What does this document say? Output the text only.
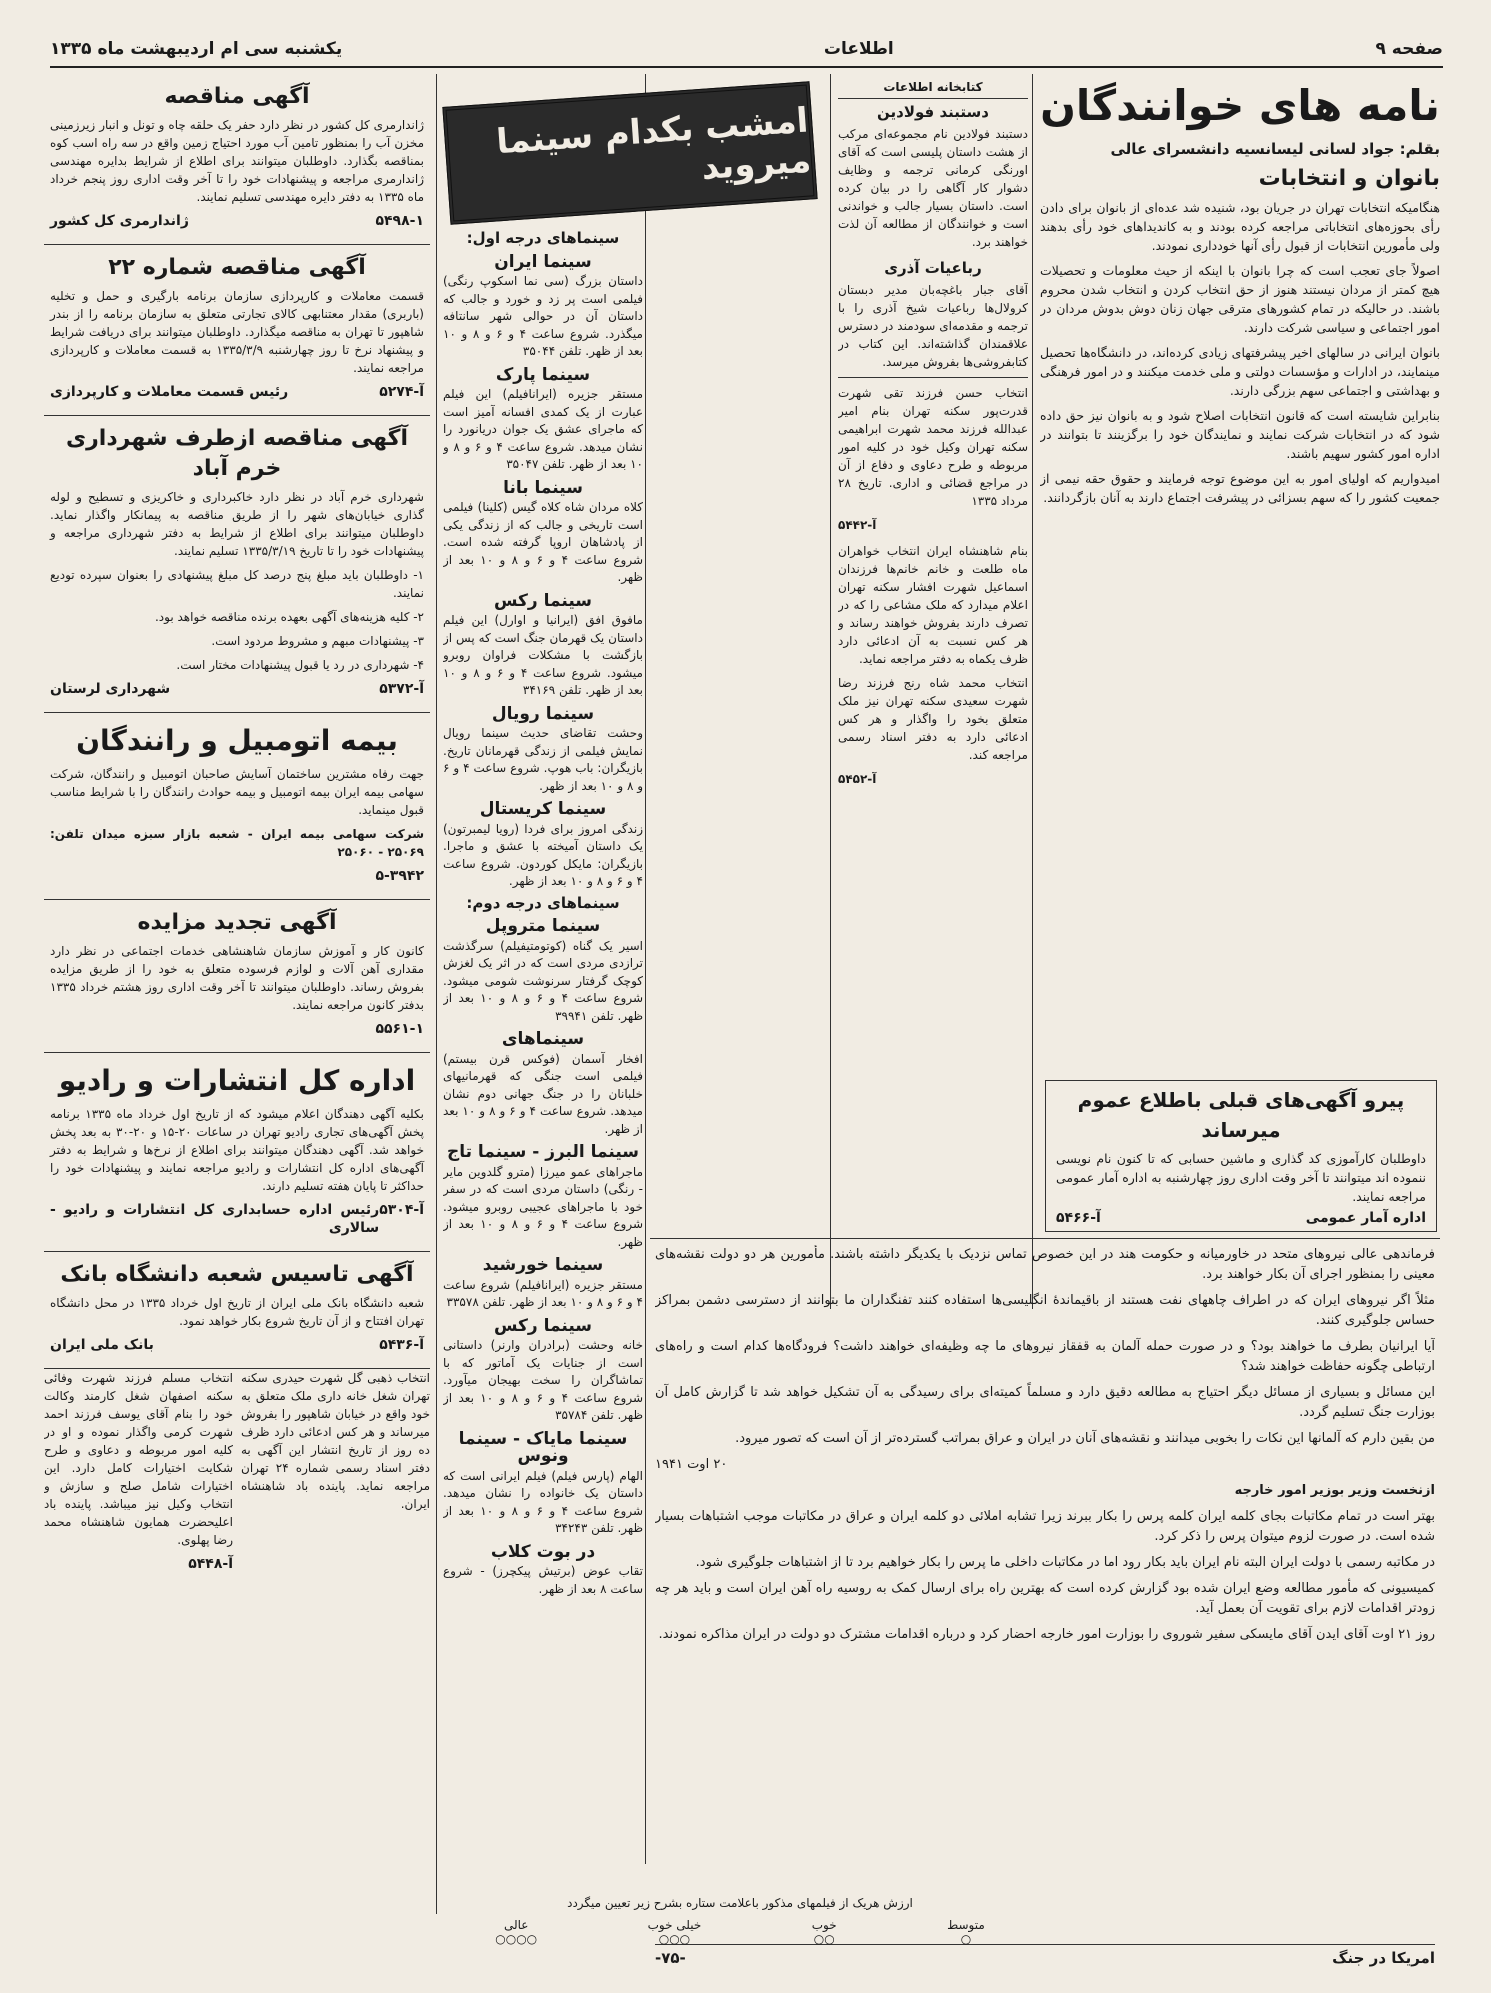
صفحه ۹
اطلاعات
یکشنبه سی ام اردیبهشت ماه ۱۳۳۵
نامه های خوانندگان
بقلم: جواد لسانی لیسانسیه دانشسرای عالی
بانوان و انتخابات

هنگامیکه انتخابات تهران در جریان بود، شنیده شد عده‌ای از بانوان برای دادن رأی بحوزه‌های انتخاباتی مراجعه کرده بودند و به کاندیداهای خود رأی بدهند ولی مأمورین انتخابات از قبول رأی آنها خودداری نمودند.

اصولاً جای تعجب است که چرا بانوان با اینکه از حیث معلومات و تحصیلات هیچ کمتر از مردان نیستند هنوز از حق انتخاب کردن و انتخاب شدن محروم باشند. در حالیکه در تمام کشورهای مترقی جهان زنان دوش بدوش مردان در امور اجتماعی و سیاسی شرکت دارند.

بانوان ایرانی در سالهای اخیر پیشرفتهای زیادی کرده‌اند، در دانشگاه‌ها تحصیل مینمایند، در ادارات و مؤسسات دولتی و ملی خدمت میکنند و در امور فرهنگی و بهداشتی و اجتماعی سهم بزرگی دارند.

بنابراین شایسته است که قانون انتخابات اصلاح شود و به بانوان نیز حق داده شود که در انتخابات شرکت نمایند و نمایندگان خود را برگزینند تا بتوانند در اداره امور کشور سهیم باشند.

امیدواریم که اولیای امور به این موضوع توجه فرمایند و حقوق حقه نیمی از جمعیت کشور را که سهم بسزائی در پیشرفت اجتماع دارند به آنان بازگردانند.

پیرو آگهی‌های قبلی باطلاع عموم میرساند

داوطلبان کارآموزی کد گذاری و ماشین حسابی که تا کنون نام نویسی ننموده اند میتوانند تا آخر وقت اداری روز چهارشنبه به اداره آمار عمومی مراجعه نمایند.

اداره آمار عمومی
آ-۵۴۶۶
کتابخانه اطلاعات
دستبند فولادین

دستبند فولادین نام مجموعه‌ای مرکب از هشت داستان پلیسی است که آقای اورنگی کرمانی ترجمه و وظایف دشوار کار آگاهی را در بیان کرده است. داستان بسیار جالب و خواندنی است و خوانندگان از مطالعه آن لذت خواهند برد.

رباعیات آذری

آقای جبار باغچه‌بان مدیر دبستان کرولال‌ها رباعیات شیخ آذری را با ترجمه و مقدمه‌ای سودمند در دسترس علاقمندان گذاشته‌اند. این کتاب در کتابفروشی‌ها بفروش میرسد.

انتخاب حسن فرزند تقی شهرت قدرت‌پور سکنه تهران بنام امیر عبدالله فرزند محمد شهرت ابراهیمی سکنه تهران وکیل خود در کلیه امور مربوطه و طرح دعاوی و دفاع از آن در مراجع قضائی و اداری. تاریخ ۲۸ مرداد ۱۳۳۵

آ-۵۴۴۲

بنام شاهنشاه ایران انتخاب خواهران ماه طلعت و خانم خانم‌ها فرزندان اسماعیل شهرت افشار سکنه تهران اعلام میدارد که ملک مشاعی را که در تصرف دارند بفروش خواهند رساند و هر کس نسبت به آن ادعائی دارد ظرف یکماه به دفتر مراجعه نماید.

انتخاب محمد شاه رنج فرزند رضا شهرت سعیدی سکنه تهران نیز ملک متعلق بخود را واگذار و هر کس ادعائی دارد به دفتر اسناد رسمی مراجعه کند.

آ-۵۴۵۲

فرماندهی عالی نیروهای متحد در خاورمیانه و حکومت هند در این خصوص تماس نزدیک با یکدیگر داشته باشند. مأمورین هر دو دولت نقشه‌های معینی را بمنظور اجرای آن بکار خواهند برد.

مثلاً اگر نیروهای ایران که در اطراف چاههای نفت هستند از باقیماندهٔ انگلیسی‌ها استفاده کنند تفنگداران ما بتوانند از دسترسی دشمن بمراکز حساس جلوگیری کنند.

آیا ایرانیان بطرف ما خواهند بود؟ و در صورت حمله آلمان به قفقاز نیروهای ما چه وظیفه‌ای خواهند داشت؟ فرودگاه‌ها کدام است و راه‌های ارتباطی چگونه حفاظت خواهند شد؟

این مسائل و بسیاری از مسائل دیگر احتیاج به مطالعه دقیق دارد و مسلماً کمیته‌ای برای رسیدگی به آن تشکیل خواهد شد تا گزارش کامل آن بوزارت جنگ تسلیم گردد.

من بقین دارم که آلمانها این نکات را بخوبی میدانند و نقشه‌های آنان در ایران و عراق بمراتب گسترده‌تر از آن است که تصور میرود.

۲۰ اوت ۱۹۴۱

ازنخست وزیر بوزیر امور خارجه

بهتر است در تمام مکاتبات بجای کلمه ایران کلمه پرس را بکار ببرند زیرا تشابه املائی دو کلمه ایران و عراق در مکاتبات موجب اشتباهات بسیار شده است. در صورت لزوم میتوان پرس را ذکر کرد.

در مکاتبه رسمی با دولت ایران البته نام ایران باید بکار رود اما در مکاتبات داخلی ما پرس را بکار خواهیم برد تا از اشتباهات جلوگیری شود.

کمیسیونی که مأمور مطالعه وضع ایران شده بود گزارش کرده است که بهترین راه برای ارسال کمک به روسیه راه آهن ایران است و باید هر چه زودتر اقدامات لازم برای تقویت آن بعمل آید.

روز ۲۱ اوت آقای ایدن آقای مایسکی سفیر شوروی را بوزارت امور خارجه احضار کرد و درباره اقدامات مشترک دو دولت در ایران مذاکره نمودند.

امریکا در جنگ
-۷۵-
امشب بکدام سینما میروید
سینماهای درجه اول:
سینما ایران
داستان بزرگ (سی نما اسکوپ رنگی) فیلمی است پر زد و خورد و جالب که داستان آن در حوالی شهر سانتافه میگذرد. شروع ساعت ۴ و ۶ و ۸ و ۱۰ بعد از ظهر. تلفن ۳۵۰۴۴
سینما پارک
مستقر جزیره (ایرانافیلم) این فیلم عبارت از یک کمدی افسانه آمیز است که ماجرای عشق یک جوان دریانورد را نشان میدهد. شروع ساعت ۴ و ۶ و ۸ و ۱۰ بعد از ظهر. تلفن ۳۵۰۴۷
سینما بانا
کلاه مردان شاه کلاه گیس (کلینا) فیلمی است تاریخی و جالب که از زندگی یکی از پادشاهان اروپا گرفته شده است. شروع ساعت ۴ و ۶ و ۸ و ۱۰ بعد از ظهر.
سینما رکس
مافوق افق (ایرانیا و اوارل) این فیلم داستان یک قهرمان جنگ است که پس از بازگشت با مشکلات فراوان روبرو میشود. شروع ساعت ۴ و ۶ و ۸ و ۱۰ بعد از ظهر. تلفن ۳۴۱۶۹
سینما رویال
وحشت تقاضای حدیث سینما رویال نمایش فیلمی از زندگی قهرمانان تاریخ. بازیگران: باب هوپ. شروع ساعت ۴ و ۶ و ۸ و ۱۰ بعد از ظهر.
سینما کریستال
زندگی امروز برای فردا (رویا لیمبرتون) یک داستان آمیخته با عشق و ماجرا. بازیگران: مایکل کوردون. شروع ساعت ۴ و ۶ و ۸ و ۱۰ بعد از ظهر.
سینماهای درجه دوم:
سینما متروپل
اسیر یک گناه (کوتومتیفیلم) سرگذشت ترازدی مردی است که در اثر یک لغزش کوچک گرفتار سرنوشت شومی میشود. شروع ساعت ۴ و ۶ و ۸ و ۱۰ بعد از ظهر. تلفن ۳۹۹۴۱
سینماهای
افخار آسمان (فوکس قرن بیستم) فیلمی است جنگی که قهرمانیهای خلبانان را در جنگ جهانی دوم نشان میدهد. شروع ساعت ۴ و ۶ و ۸ و ۱۰ بعد از ظهر.
سینما البرز - سینما تاج
ماجراهای عمو میرزا (مترو گلدوین مایر - رنگی) داستان مردی است که در سفر خود با ماجراهای عجیبی روبرو میشود. شروع ساعت ۴ و ۶ و ۸ و ۱۰ بعد از ظهر.
سینما خورشید
مستقر جزیره (ایرانافیلم) شروع ساعت ۴ و ۶ و ۸ و ۱۰ بعد از ظهر. تلفن ۳۳۵۷۸
سینما رکس
خانه وحشت (برادران وارنر) داستانی است از جنایات یک آماتور که با تماشاگران را سخت بهیجان میآورد. شروع ساعت ۴ و ۶ و ۸ و ۱۰ بعد از ظهر. تلفن ۳۵۷۸۴
سینما مایاک - سینما ونوس
الهام (پارس فیلم) فیلم ایرانی است که داستان یک خانواده را نشان میدهد. شروع ساعت ۴ و ۶ و ۸ و ۱۰ بعد از ظهر. تلفن ۳۴۲۴۳
در بوت کلاب
تقاب عوض (برتیش پیکچرز) - شروع ساعت ۸ بعد از ظهر.
آگهی مناقصه

ژاندارمری کل کشور در نظر دارد حفر یک حلقه چاه و تونل و انبار زیرزمینی مخزن آب را بمنظور تامین آب مورد احتیاج زمین واقع در سه راه اسب کوه بمناقصه بگذارد. داوطلبان میتوانند برای اطلاع از شرایط بدایره مهندسی ژاندارمری مراجعه و پیشنهادات خود را تا آخر وقت اداری روز پنجم خرداد ماه ۱۳۳۵ به دفتر دایره مهندسی تسلیم نمایند.

۵۴۹۸-۱
ژاندارمری کل کشور
آگهی مناقصه شماره ۲۲

قسمت معاملات و کارپردازی سازمان برنامه بارگیری و حمل و تخلیه (باربری) مقدار معتنابهی کالای تجارتی متعلق به سازمان برنامه را از بندر شاهپور تا تهران به مناقصه میگذارد. داوطلبان میتوانند برای دریافت شرایط و پیشنهاد نرخ تا روز چهارشنبه ۱۳۳۵/۳/۹ به قسمت معاملات و کارپردازی مراجعه نمایند.

آ-۵۲۷۴
رئیس قسمت معاملات و کارپردازی
آگهی مناقصه ازطرف شهرداری خرم آباد

شهرداری خرم آباد در نظر دارد خاکبرداری و خاکریزی و تسطیح و لوله گذاری خیابان‌های شهر را از طریق مناقصه به پیمانکار واگذار نماید. داوطلبان میتوانند برای اطلاع از شرایط به دفتر شهرداری مراجعه و پیشنهادات خود را تا تاریخ ۱۳۳۵/۳/۱۹ تسلیم نمایند.

۱- داوطلبان باید مبلغ پنج درصد کل مبلغ پیشنهادی را بعنوان سپرده تودیع نمایند.

۲- کلیه هزینه‌های آگهی بعهده برنده مناقصه خواهد بود.

۳- پیشنهادات مبهم و مشروط مردود است.

۴- شهرداری در رد یا قبول پیشنهادات مختار است.

آ-۵۳۷۲
شهرداری لرستان
بیمه اتومبیل و رانندگان

جهت رفاه مشترین ساختمان آسایش صاحبان اتومبیل و رانندگان، شرکت سهامی بیمه ایران بیمه اتومبیل و بیمه حوادث رانندگان را با شرایط مناسب قبول مینماید.

شرکت سهامی بیمه ایران - شعبه بازار سبزه میدان تلفن: ۲۵۰۶۹ - ۲۵۰۶۰

۵-۳۹۴۲
آگهی تجدید مزایده

کانون کار و آموزش سازمان شاهنشاهی خدمات اجتماعی در نظر دارد مقداری آهن آلات و لوازم فرسوده متعلق به خود را از طریق مزایده بفروش رساند. داوطلبان میتوانند تا آخر وقت اداری روز هشتم خرداد ۱۳۳۵ بدفتر کانون مراجعه نمایند.

۵۵۶۱-۱
اداره کل انتشارات و رادیو

بکلیه آگهی دهندگان اعلام میشود که از تاریخ اول خرداد ماه ۱۳۳۵ برنامه پخش آگهی‌های تجاری رادیو تهران در ساعات ۲۰-۱۵ و ۲۰-۳۰ به بعد پخش خواهد شد. آگهی دهندگان میتوانند برای اطلاع از نرخ‌ها و شرایط به دفتر آگهی‌های اداره کل انتشارات و رادیو مراجعه نمایند و پیشنهادات خود را حداکثر تا پایان هفته تسلیم دارند.

آ-۵۳۰۴
رئیس اداره حسابداری کل انتشارات و رادیو - سالاری
آگهی تاسیس شعبه دانشگاه بانک

شعبه دانشگاه بانک ملی ایران از تاریخ اول خرداد ۱۳۳۵ در محل دانشگاه تهران افتتاح و از آن تاریخ شروع بکار خواهد نمود.

آ-۵۴۳۶
بانک ملی ایران

انتخاب ذهبی گل شهرت حیدری سکنه تهران شغل خانه داری ملک متعلق به خود واقع در خیابان شاهپور را بفروش میرساند و هر کس ادعائی دارد ظرف ده روز از تاریخ انتشار این آگهی به دفتر اسناد رسمی شماره ۲۴ تهران مراجعه نماید. پاینده باد شاهنشاه ایران.

انتخاب مسلم فرزند شهرت وفائی سکنه اصفهان شغل کارمند وکالت خود را بنام آقای یوسف فرزند احمد شهرت کرمی واگذار نموده و او در کلیه امور مربوطه و دعاوی و طرح شکایت اختیارات کامل دارد. این اختیارات شامل صلح و سازش و انتخاب وکیل نیز میباشد. پاینده باد اعلیحضرت همایون شاهنشاه محمد رضا پهلوی.

آ-۵۴۴۸
ارزش هریک از فیلمهای مذکور باعلامت ستاره بشرح زیر تعیین میگردد
متوسط
○
خوب
○○
خیلی خوب
○○○
عالی
○○○○
